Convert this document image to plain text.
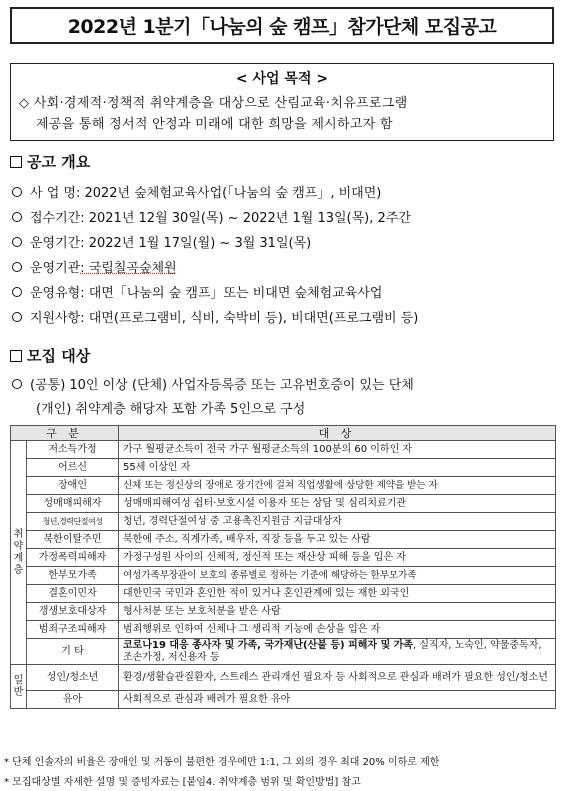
2022년 1분기「나눔의 숲 캠프」참가단체 모집공고
< 사업 목적 >
◇ 사회·경제적·정책적 취약계층을 대상으로 산림교육·치유프로그램
제공을 통해 정서적 안정과 미래에 대한 희망을 제시하고자 함
공고 개요
사 업 명: 2022년 숲체험교육사업(「나눔의 숲 캠프」, 비대면)
접수기간: 2021년 12월 30일(목) ~ 2022년 1월 13일(목), 2주간
운영기간: 2022년 1월 17일(월) ~ 3월 31일(목)
운영기관: 국립칠곡숲체원
운영유형: 대면「나눔의 숲 캠프」또는 비대면 숲체험교육사업
지원사항: 대면(프로그램비, 식비, 숙박비 등), 비대면(프로그램비 등)
모집 대상
(공통) 10인 이상 (단체) 사업자등록증 또는 고유번호증이 있는 단체
(개인) 취약계층 해당자 포함 가족 5인으로 구성
구 분		대 상
취
약
계
층	저소득가정	가구 월평균소득이 전국 가구 월평균소득의 100분의 60 이하인 자
	어르신	55세 이상인 자
	장애인	신체 또는 정신상의 장애로 장기간에 걸쳐 직업생활에 상당한 제약을 받는 자
	성매매피해자	성매매피해여성 쉼터·보호시설 이용자 또는 상담 및 심리치료기관
	청년,경력단절여성	청년, 경력단절여성 중 고용촉진지원금 지급대상자
	북한이탈주민	북한에 주소, 직계가족, 배우자, 직장 등을 두고 있는 사람
	가정폭력피해자	가정구성원 사이의 신체적, 정신적 또는 재산상 피해 등을 입은 자
	한부모가족	여성가족부장관이 보호의 종류별로 정하는 기준에 해당하는 한부모가족
	결혼이민자	대한민국 국민과 혼인한 적이 있거나 혼인관계에 있는 재한 외국인
	갱생보호대상자	형사처분 또는 보호처분을 받은 사람
	범죄구조피해자	범죄행위로 인하여 신체나 그 생리적 기능에 손상을 입은 자
	기 타	코로나19 대응 종사자 및 가족, 국가재난(산불 등) 피해자 및 가족, 실직자, 노숙인, 약물중독자, 조손가정, 저신용자 등
일
반	성인/청소년	환경/생활습관질환자, 스트레스 관리개선 필요자 등 사회적으로 관심과 배려가 필요한 성인/청소년
	유아	사회적으로 관심과 배려가 필요한 유아
* 단체 인솔자의 비율은 장애인 및 거동이 불편한 경우에만 1:1, 그 외의 경우 최대 20% 이하로 제한
* 모집대상별 자세한 설명 및 증빙자료는 [붙임4. 취약계층 범위 및 확인방법] 참고
